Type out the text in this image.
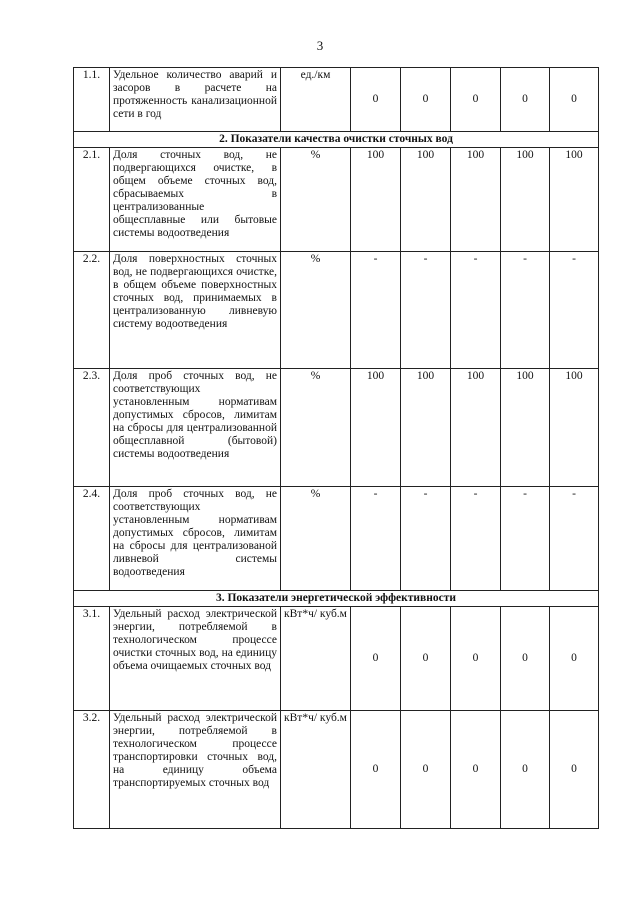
3
1.1.	Удельное количество аварий и засоров в расчете на протяженность канализационной сети в год	ед./км	0	0	0	0	0
2. Показатели качества очистки сточных вод							
2.1.	Доля сточных вод, не подвергающихся очистке, в общем объеме сточных вод, сбрасываемых в централизованные общесплавные или бытовые системы водоотведения	%	100	100	100	100	100
2.2.	Доля поверхностных сточных вод, не подвергающихся очистке, в общем объеме поверхностных сточных вод, принимаемых в централизованную ливневую систему водоотведения	%	-	-	-	-	-
2.3.	Доля проб сточных вод, не соответствующих установленным нормативам допустимых сбросов, лимитам на сбросы для централизованной общесплавной (бытовой) системы водоотведения	%	100	100	100	100	100
2.4.	Доля проб сточных вод, не соответствующих установленным нормативам допустимых сбросов, лимитам на сбросы для централизованой ливневой системы водоотведения	%	-	-	-	-	-
3. Показатели энергетической эффективности							
3.1.	Удельный расход электрической энергии, потребляемой в технологическом процессе очистки сточных вод, на единицу объема очищаемых сточных вод	кВт*ч/ куб.м	0	0	0	0	0
3.2.	Удельный расход электрической энергии, потребляемой в технологическом процессе транспортировки сточных вод, на единицу объема транспортируемых сточных вод	кВт*ч/ куб.м	0	0	0	0	0
